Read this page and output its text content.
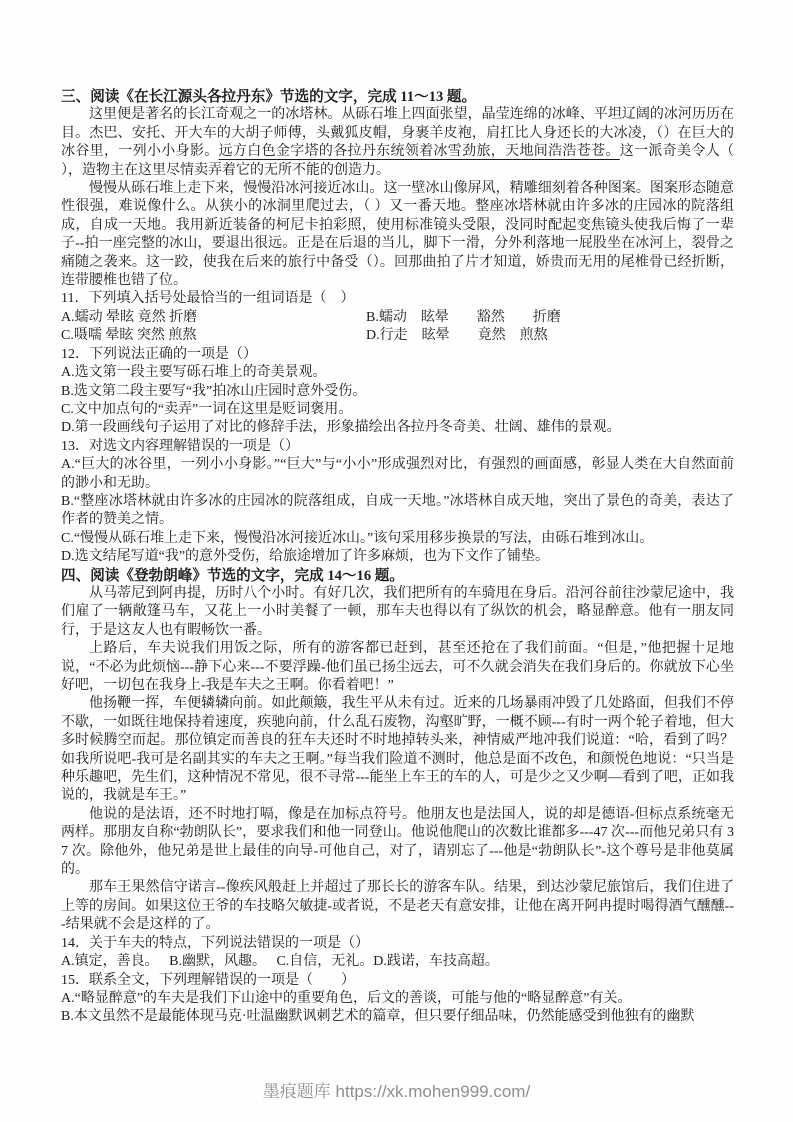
三、阅读《在长江源头各拉丹东》节选的文字，完成 11～13 题。

这里便是著名的长江奇观之一的冰塔林。从砾石堆上四面张望，晶莹连绵的冰峰、平坦辽阔的冰河历历在目。杰巴、安托、开大车的大胡子师傅，头戴狐皮帽，身裹羊皮袍，肩扛比人身还长的大冰凌，（）在巨大的冰谷里，一列小小身影。远方白色金字塔的各拉丹东统领着冰雪劲旅，天地间浩浩苍苍。这一派奇美令人（　　），造物主在这里尽情卖弄着它的无所不能的创造力。

慢慢从砾石堆上走下来，慢慢沿冰河接近冰山。这一壁冰山像屏风，精雕细刻着各种图案。图案形态随意性很强，难说像什么。从狭小的冰洞里爬过去，（ ）又一番天地。整座冰塔林就由许多冰的庄园冰的院落组成，自成一天地。我用新近装备的柯尼卡拍彩照，使用标准镜头受限，没同时配起变焦镜头使我后悔了一辈子--拍一座完整的冰山，要退出很远。正是在后退的当儿，脚下一滑，分外利落地一屁股坐在冰河上，裂骨之痛随之袭来。这一跤，使我在后来的旅行中备受（）。回那曲拍了片才知道，娇贵而无用的尾椎骨已经折断，连带腰椎也错了位。

11．下列填入括号处最恰当的一组词语是（　）

A.蠕动 晕眩 竟然 折磨	B.蠕动　眩晕　　豁然　　折磨
C.嗫嚅 晕眩 突然 煎熬	D.行走　眩晕　　竟然　煎熬

12．下列说法正确的一项是（）

A.选文第一段主要写砾石堆上的奇美景观。

B.选文第二段主要写“我”拍冰山庄园时意外受伤。

C.文中加点句的“卖弄”一词在这里是贬词褒用。

D.第一段画线句子运用了对比的修辞手法，形象描绘出各拉丹冬奇美、壮阔、雄伟的景观。

13．对选文内容理解错误的一项是（）

A.“巨大的冰谷里，一列小小身影。”“巨大”与“小小”形成强烈对比，有强烈的画面感，彰显人类在大自然面前的渺小和无助。

B.“整座冰塔林就由许多冰的庄园冰的院落组成，自成一天地。”冰塔林自成天地，突出了景色的奇美，表达了作者的赞美之情。

C.“慢慢从砾石堆上走下来，慢慢沿冰河接近冰山。”该句采用移步换景的写法，由砾石堆到冰山。

D.选文结尾写道“我”的意外受伤，给旅途增加了许多麻烦，也为下文作了铺垫。

四、阅读《登勃朗峰》节选的文字，完成 14～16 题。

从马蒂尼到阿冉提，历时八个小时。有好几次，我们把所有的车骑甩在身后。沿河谷前往沙蒙尼途中，我们雇了一辆敞篷马车，又花上一小时美餐了一顿，那车夫也得以有了纵饮的机会，略显醉意。他有一朋友同行，于是这友人也有暇畅饮一番。

上路后，车夫说我们用饭之际，所有的游客都已赶到，甚至还抢在了我们前面。“但是，”他把握十足地说，“不必为此烦恼---静下心来---不要浮躁-他们虽已扬尘远去，可不久就会消失在我们身后的。你就放下心坐好吧，一切包在我身上-我是车夫之王啊。你看着吧！”

他扬鞭一挥，车便辚辚向前。如此颠簸，我生平从未有过。近来的几场暴雨冲毁了几处路面，但我们不停不歇，一如既往地保持着速度，疾驰向前，什么乱石废物，沟壑旷野，一概不顾---有时一两个轮子着地，但大多时候腾空而起。那位镇定而善良的狂车夫还时不时地掉转头来，神情威严地冲我们说道：“哈，看到了吗？如我所说吧-我可是名副其实的车夫之王啊。”每当我们险道不测时，他总是面不改色，和颜悦色地说：“只当是种乐趣吧，先生们，这种情况不常见，很不寻常---能坐上车王的车的人，可是少之又少啊—看到了吧，正如我说的，我就是车王。”

他说的是法语，还不时地打嗝，像是在加标点符号。他朋友也是法国人，说的却是德语-但标点系统毫无两样。那朋友自称“勃朗队长”，要求我们和他一同登山。他说他爬山的次数比谁都多---47 次---而他兄弟只有 37 次。除他外，他兄弟是世上最佳的向导-可他自己，对了，请别忘了---他是“勃朗队长”-这个尊号是非他莫属的。

那车王果然信守诺言--像疾风般赶上并超过了那长长的游客车队。结果，到达沙蒙尼旅馆后，我们住进了上等的房间。如果这位王爷的车技略欠敏捷-或者说，不是老天有意安排，让他在离开阿冉提时喝得酒气醺醺---结果就不会是这样的了。

14．关于车夫的特点，下列说法错误的一项是（）

A.镇定，善良。　 B.幽默，风趣。　 C.自信，无礼。D.践诺，车技高超。

15．联系全文，下列理解错误的一项是（　　）

A.“略显醉意”的车夫是我们下山途中的重要角色，后文的善谈，可能与他的“略显醉意”有关。

B.本文虽然不是最能体现马克·吐温幽默讽刺艺术的篇章，但只要仔细品味，仍然能感受到他独有的幽默

墨痕题库 https://xk.mohen999.com/
